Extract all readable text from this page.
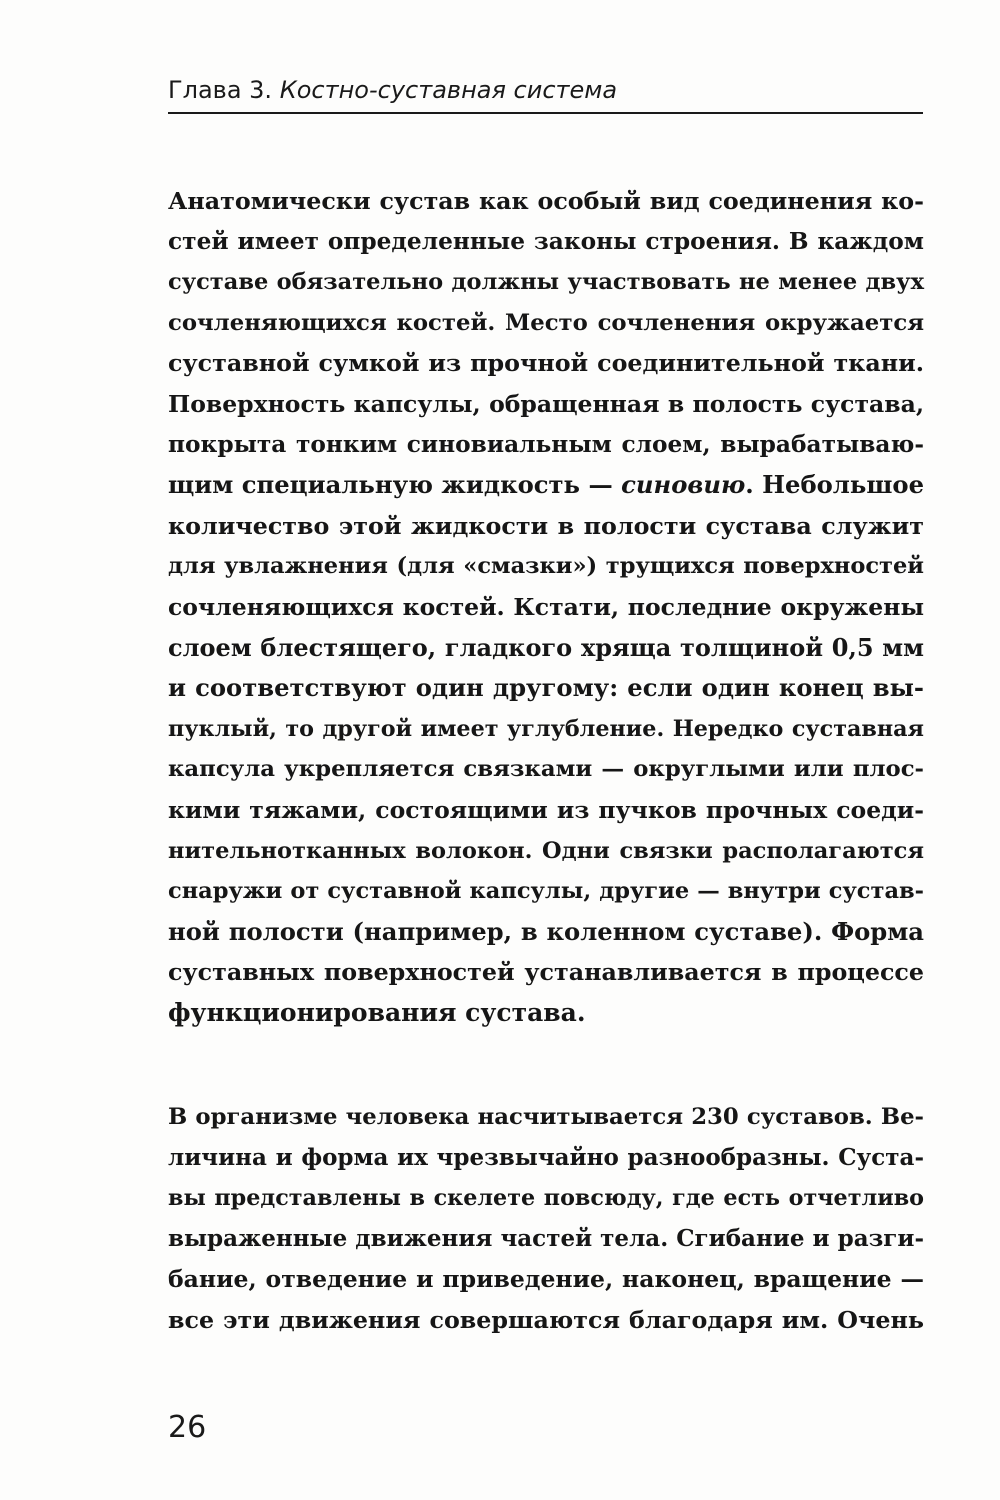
Глава 3. Костно-суставная система
Анатомически сустав как особый вид соединения ко-
стей имеет определенные законы строения. В каждом
суставе обязательно должны участвовать не менее двух
сочленяющихся костей. Место сочленения окружается
суставной сумкой из прочной соединительной ткани.
Поверхность капсулы, обращенная в полость сустава,
покрыта тонким синовиальным слоем, вырабатываю-
щим специальную жидкость — синовию. Небольшое
количество этой жидкости в полости сустава служит
для увлажнения (для «смазки») трущихся поверхностей
сочленяющихся костей. Кстати, последние окружены
слоем блестящего, гладкого хряща толщиной 0,5 мм
и соответствуют один другому: если один конец вы-
пуклый, то другой имеет углубление. Нередко суставная
капсула укрепляется связками — округлыми или плос-
кими тяжами, состоящими из пучков прочных соеди-
нительнотканных волокон. Одни связки располагаются
снаружи от суставной капсулы, другие — внутри сустав-
ной полости (например, в коленном суставе). Форма
суставных поверхностей устанавливается в процессе
функционирования сустава.
В организме человека насчитывается 230 суставов. Ве-
личина и форма их чрезвычайно разнообразны. Суста-
вы представлены в скелете повсюду, где есть отчетливо
выраженные движения частей тела. Сгибание и разги-
бание, отведение и приведение, наконец, вращение —
все эти движения совершаются благодаря им. Очень
26
